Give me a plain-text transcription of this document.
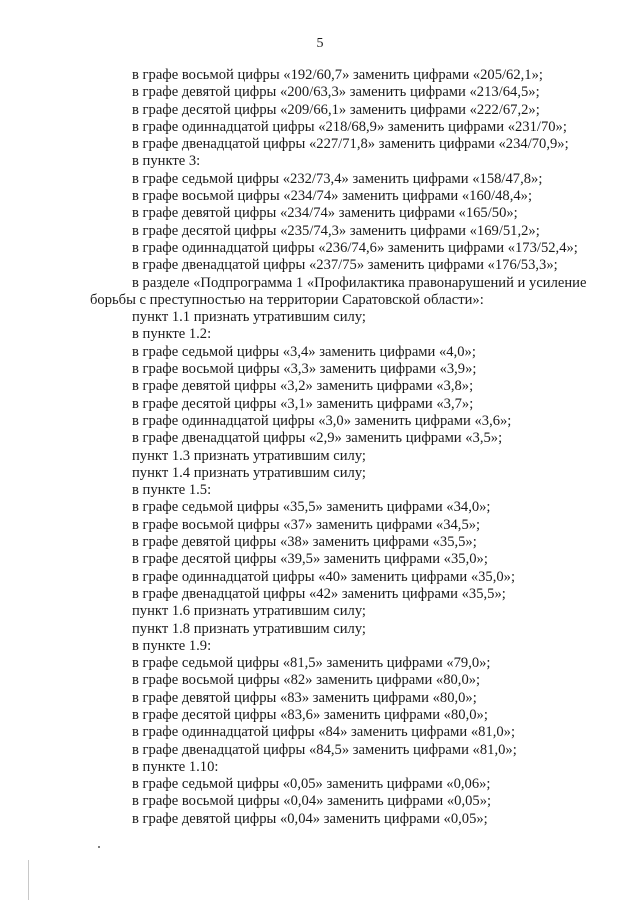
5
в графе восьмой цифры «192/60,7» заменить цифрами «205/62,1»;
в графе девятой цифры «200/63,3» заменить цифрами «213/64,5»;
в графе десятой цифры «209/66,1» заменить цифрами «222/67,2»;
в графе одиннадцатой цифры «218/68,9» заменить цифрами «231/70»;
в графе двенадцатой цифры «227/71,8» заменить цифрами «234/70,9»;
в пункте 3:
в графе седьмой цифры «232/73,4» заменить цифрами «158/47,8»;
в графе восьмой цифры «234/74» заменить цифрами «160/48,4»;
в графе девятой цифры «234/74» заменить цифрами «165/50»;
в графе десятой цифры «235/74,3» заменить цифрами «169/51,2»;
в графе одиннадцатой цифры «236/74,6» заменить цифрами «173/52,4»;
в графе двенадцатой цифры «237/75» заменить цифрами «176/53,3»;
в разделе «Подпрограмма 1 «Профилактика правонарушений и усиление
борьбы с преступностью на территории Саратовской области»:
пункт 1.1 признать утратившим силу;
в пункте 1.2:
в графе седьмой цифры «3,4» заменить цифрами «4,0»;
в графе восьмой цифры «3,3» заменить цифрами «3,9»;
в графе девятой цифры «3,2» заменить цифрами «3,8»;
в графе десятой цифры «3,1» заменить цифрами «3,7»;
в графе одиннадцатой цифры «3,0» заменить цифрами «3,6»;
в графе двенадцатой цифры «2,9» заменить цифрами «3,5»;
пункт 1.3 признать утратившим силу;
пункт 1.4 признать утратившим силу;
в пункте 1.5:
в графе седьмой цифры «35,5» заменить цифрами «34,0»;
в графе восьмой цифры «37» заменить цифрами «34,5»;
в графе девятой цифры «38» заменить цифрами «35,5»;
в графе десятой цифры «39,5» заменить цифрами «35,0»;
в графе одиннадцатой цифры «40» заменить цифрами «35,0»;
в графе двенадцатой цифры «42» заменить цифрами «35,5»;
пункт 1.6 признать утратившим силу;
пункт 1.8 признать утратившим силу;
в пункте 1.9:
в графе седьмой цифры «81,5» заменить цифрами «79,0»;
в графе восьмой цифры «82» заменить цифрами «80,0»;
в графе девятой цифры «83» заменить цифрами «80,0»;
в графе десятой цифры «83,6» заменить цифрами «80,0»;
в графе одиннадцатой цифры «84» заменить цифрами «81,0»;
в графе двенадцатой цифры «84,5» заменить цифрами «81,0»;
в пункте 1.10:
в графе седьмой цифры «0,05» заменить цифрами «0,06»;
в графе восьмой цифры «0,04» заменить цифрами «0,05»;
в графе девятой цифры «0,04» заменить цифрами «0,05»;
